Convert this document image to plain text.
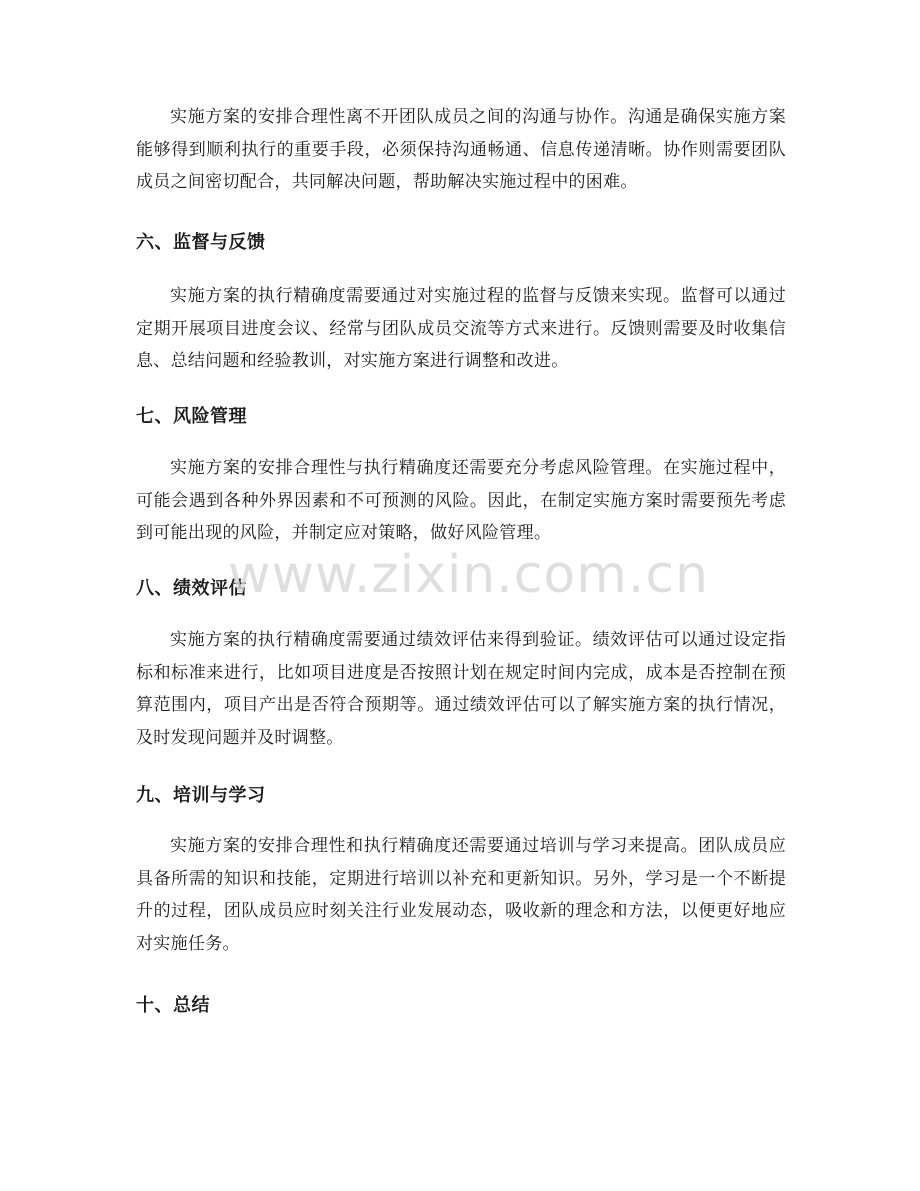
实施方案的安排合理性离不开团队成员之间的沟通与协作。沟通是确保实施方案能够得到顺利执行的重要手段，必须保持沟通畅通、信息传递清晰。协作则需要团队成员之间密切配合，共同解决问题，帮助解决实施过程中的困难。

六、监督与反馈

实施方案的执行精确度需要通过对实施过程的监督与反馈来实现。监督可以通过定期开展项目进度会议、经常与团队成员交流等方式来进行。反馈则需要及时收集信息、总结问题和经验教训，对实施方案进行调整和改进。

七、风险管理

实施方案的安排合理性与执行精确度还需要充分考虑风险管理。在实施过程中，可能会遇到各种外界因素和不可预测的风险。因此，在制定实施方案时需要预先考虑到可能出现的风险，并制定应对策略，做好风险管理。

八、绩效评估

实施方案的执行精确度需要通过绩效评估来得到验证。绩效评估可以通过设定指标和标准来进行，比如项目进度是否按照计划在规定时间内完成，成本是否控制在预算范围内，项目产出是否符合预期等。通过绩效评估可以了解实施方案的执行情况，及时发现问题并及时调整。

九、培训与学习

实施方案的安排合理性和执行精确度还需要通过培训与学习来提高。团队成员应具备所需的知识和技能，定期进行培训以补充和更新知识。另外，学习是一个不断提升的过程，团队成员应时刻关注行业发展动态，吸收新的理念和方法，以便更好地应对实施任务。

十、总结
www.zixin.com.cn
